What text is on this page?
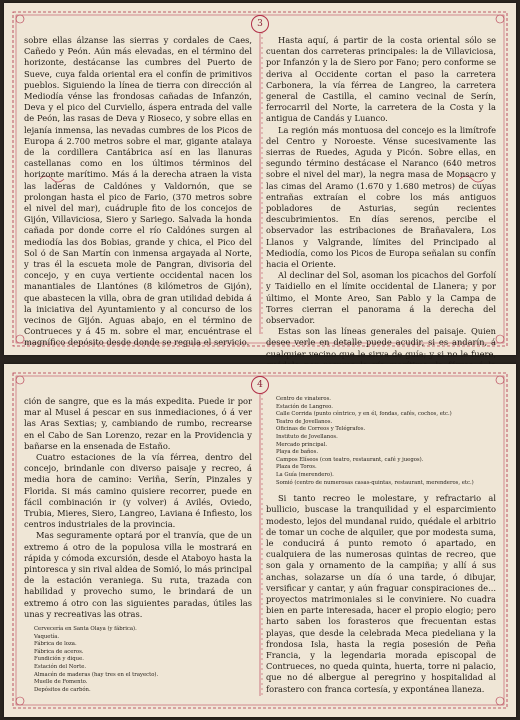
3

sobre ellas álzanse las sierras y cordales de Caes, Cañedo y Peón. Aún más elevadas, en el término del horizonte, destácanse las cumbres del Puerto de Sueve, cuya falda oriental era el confín de primitivos pueblos. Siguiendo la línea de tierra con dirección al Mediodía vénse las frondosas cañadas de Infanzón, Deva y el pico del Curviello, áspera entrada del valle de Peón, las rasas de Deva y Rioseco, y sobre ellas en lejanía inmensa, las nevadas cumbres de los Picos de Europa á 2.700 metros sobre el mar, gigante atalaya de la cordillera Cantábrica así en las llanuras castellanas como en los últimos términos del horizonte marítimo. Más á la derecha atraen la vista las laderas de Caldónes y Valdornón, que se prolongan hasta el pico de Fario, (370 metros sobre el nivel del mar), cuádruple fito de los concejos de Gijón, Villaviciosa, Siero y Sariego. Salvada la honda cañada por donde corre el río Caldónes surgen al mediodía las dos Bobias, grande y chica, el Pico del Sol ó de San Martín con inmensa argayada al Norte, y tras él la escueta mole de Pangran, divisoria del concejo, y en cuya vertiente occidental nacen los manantiales de Llantónes (8 kilómetros de Gijón), que abastecen la villa, obra de gran utilidad debida á la iniciativa del Ayuntamiento y al concurso de los vecinos de Gijón. Aguas abajo, en el término de Contrueces y á 45 m. sobre el mar, encuéntrase el magnífico depósito desde donde se regula el servicio.

Hasta aquí, á partir de la costa oriental sólo se cuentan dos carreteras principales: la de Villaviciosa, por Infanzón y la de Siero por Fano; pero conforme se deriva al Occidente cortan el paso la carretera Carbonera, la vía férrea de Langreo, la carretera general de Castilla, el camino vecinal de Serín, ferrocarril del Norte, la carretera de la Costa y la antigua de Candás y Luanco.

La región más montuosa del concejo es la limítrofe del Centro y Noroeste. Vénse sucesivamente las sierras de Ruedes, Aguda y Picón. Sobre ellas, en segundo término destácase el Naranco (640 metros sobre el nivel del mar), la negra masa de Monsacro y las cimas del Aramo (1.670 y 1.680 metros) de cuyas entrañas extraían el cobre los más antiguos pobladores de Asturias, según recientes descubrimientos. En días serenos, percibe el observador las estribaciones de Brañavalera, Los Llanos y Valgrande, límites del Principado al Mediodía, como los Picos de Europa señalan su confín hacia el Oriente.

Al declinar del Sol, asoman los picachos del Gorfolí y Taidiello en el límite occidental de Llanera; y por último, el Monte Areo, San Pablo y la Campa de Torres cierran el panorama á la derecha del observador.

Estas son las líneas generales del paisaje. Quien desee verle en detalle puede acudir, si es andarín, á cualquier vecino que le sirva de guía; y si no le fuere,

4

ción de sangre, que es la más expedita. Puede ir por mar al Musel á pescar en sus inmediaciones, ó á ver las Aras Sextias; y, cambiando de rumbo, recrearse en el Cabo de San Lorenzo, rezar en la Providencia y bañarse en la ensenada de Estaño.

Cuatro estaciones de la vía férrea, dentro del concejo, brindanle con diverso paisaje y recreo, á media hora de camino: Veriña, Serín, Pinzales y Florida. Si más camino quisiere recorrer, puede en fácil combinación ir (y volver) á Avilés, Oviedo, Trubia, Mieres, Siero, Langreo, Laviana é Infiesto, los centros industriales de la provincia.

Mas seguramente optará por el tranvía, que de un extremo á otro de la populosa villa le mostrará en rápida y cómoda excursión, desde el Ataboyo hasta la pintoresca y sin rival aldea de Somió, lo más principal de la estación veraniega. Su ruta, trazada con habilidad y provecho sumo, le brindará de un extremo á otro con las siguientes paradas, útiles las unas y recreativas las otras.

Cervecería en Santa Olaya (y fábrica).
Vaquetía.
Fábrica de loza.
Fábrica de aceros.
Fundición y dique.
Estación del Norte.
Almacén de maderas (hay tres en el trayecto).
Muelle de Fomento.
Depósitos de carbón.
Centro de vinateros.
Estación de Langreo.
Calle Corrida (punto céntrico, y en él, fondas, cafés, cochos, etc.)
Teatro de Jovellanos.
Oficinas de Correos y Telégrafos.
Instituto de Jovellanos.
Mercado principal.
Playa de baños.
Campos Elíseos (con teatro, restaurant, café y juegos).
Plaza de Toros.
La Guía (merendero).
Somió (centro de numerosas casas-quintas, restaurant, merenderos, etc.)

Si tanto recreo le molestare, y refractario al bullicio, buscase la tranquilidad y el esparcimiento modesto, lejos del mundanal ruido, quédale el arbitrio de tomar un coche de alquiler, que por modesta suma, le conducirá á punto remoto ó apartado, en cualquiera de las numerosas quintas de recreo, que son gala y ornamento de la campiña; y allí á sus anchas, solazarse un día ó una tarde, ó dibujar, versificar y cantar, y aún fraguar conspiraciones de... proyectos matrimoniales si le conviniere. No cuadra bien en parte interesada, hacer el propio elogio; pero harto saben los forasteros que frecuentan estas playas, que desde la celebrada Meca piedeliana y la frondosa Isla, hasta la regia posesión de Peña Francia, y la legendaria morada episcopal de Contrueces, no queda quinta, huerta, torre ni palacio, que no dé albergue al peregrino y hospitalidad al forastero con franca cortesía, y expontánea llaneza.
